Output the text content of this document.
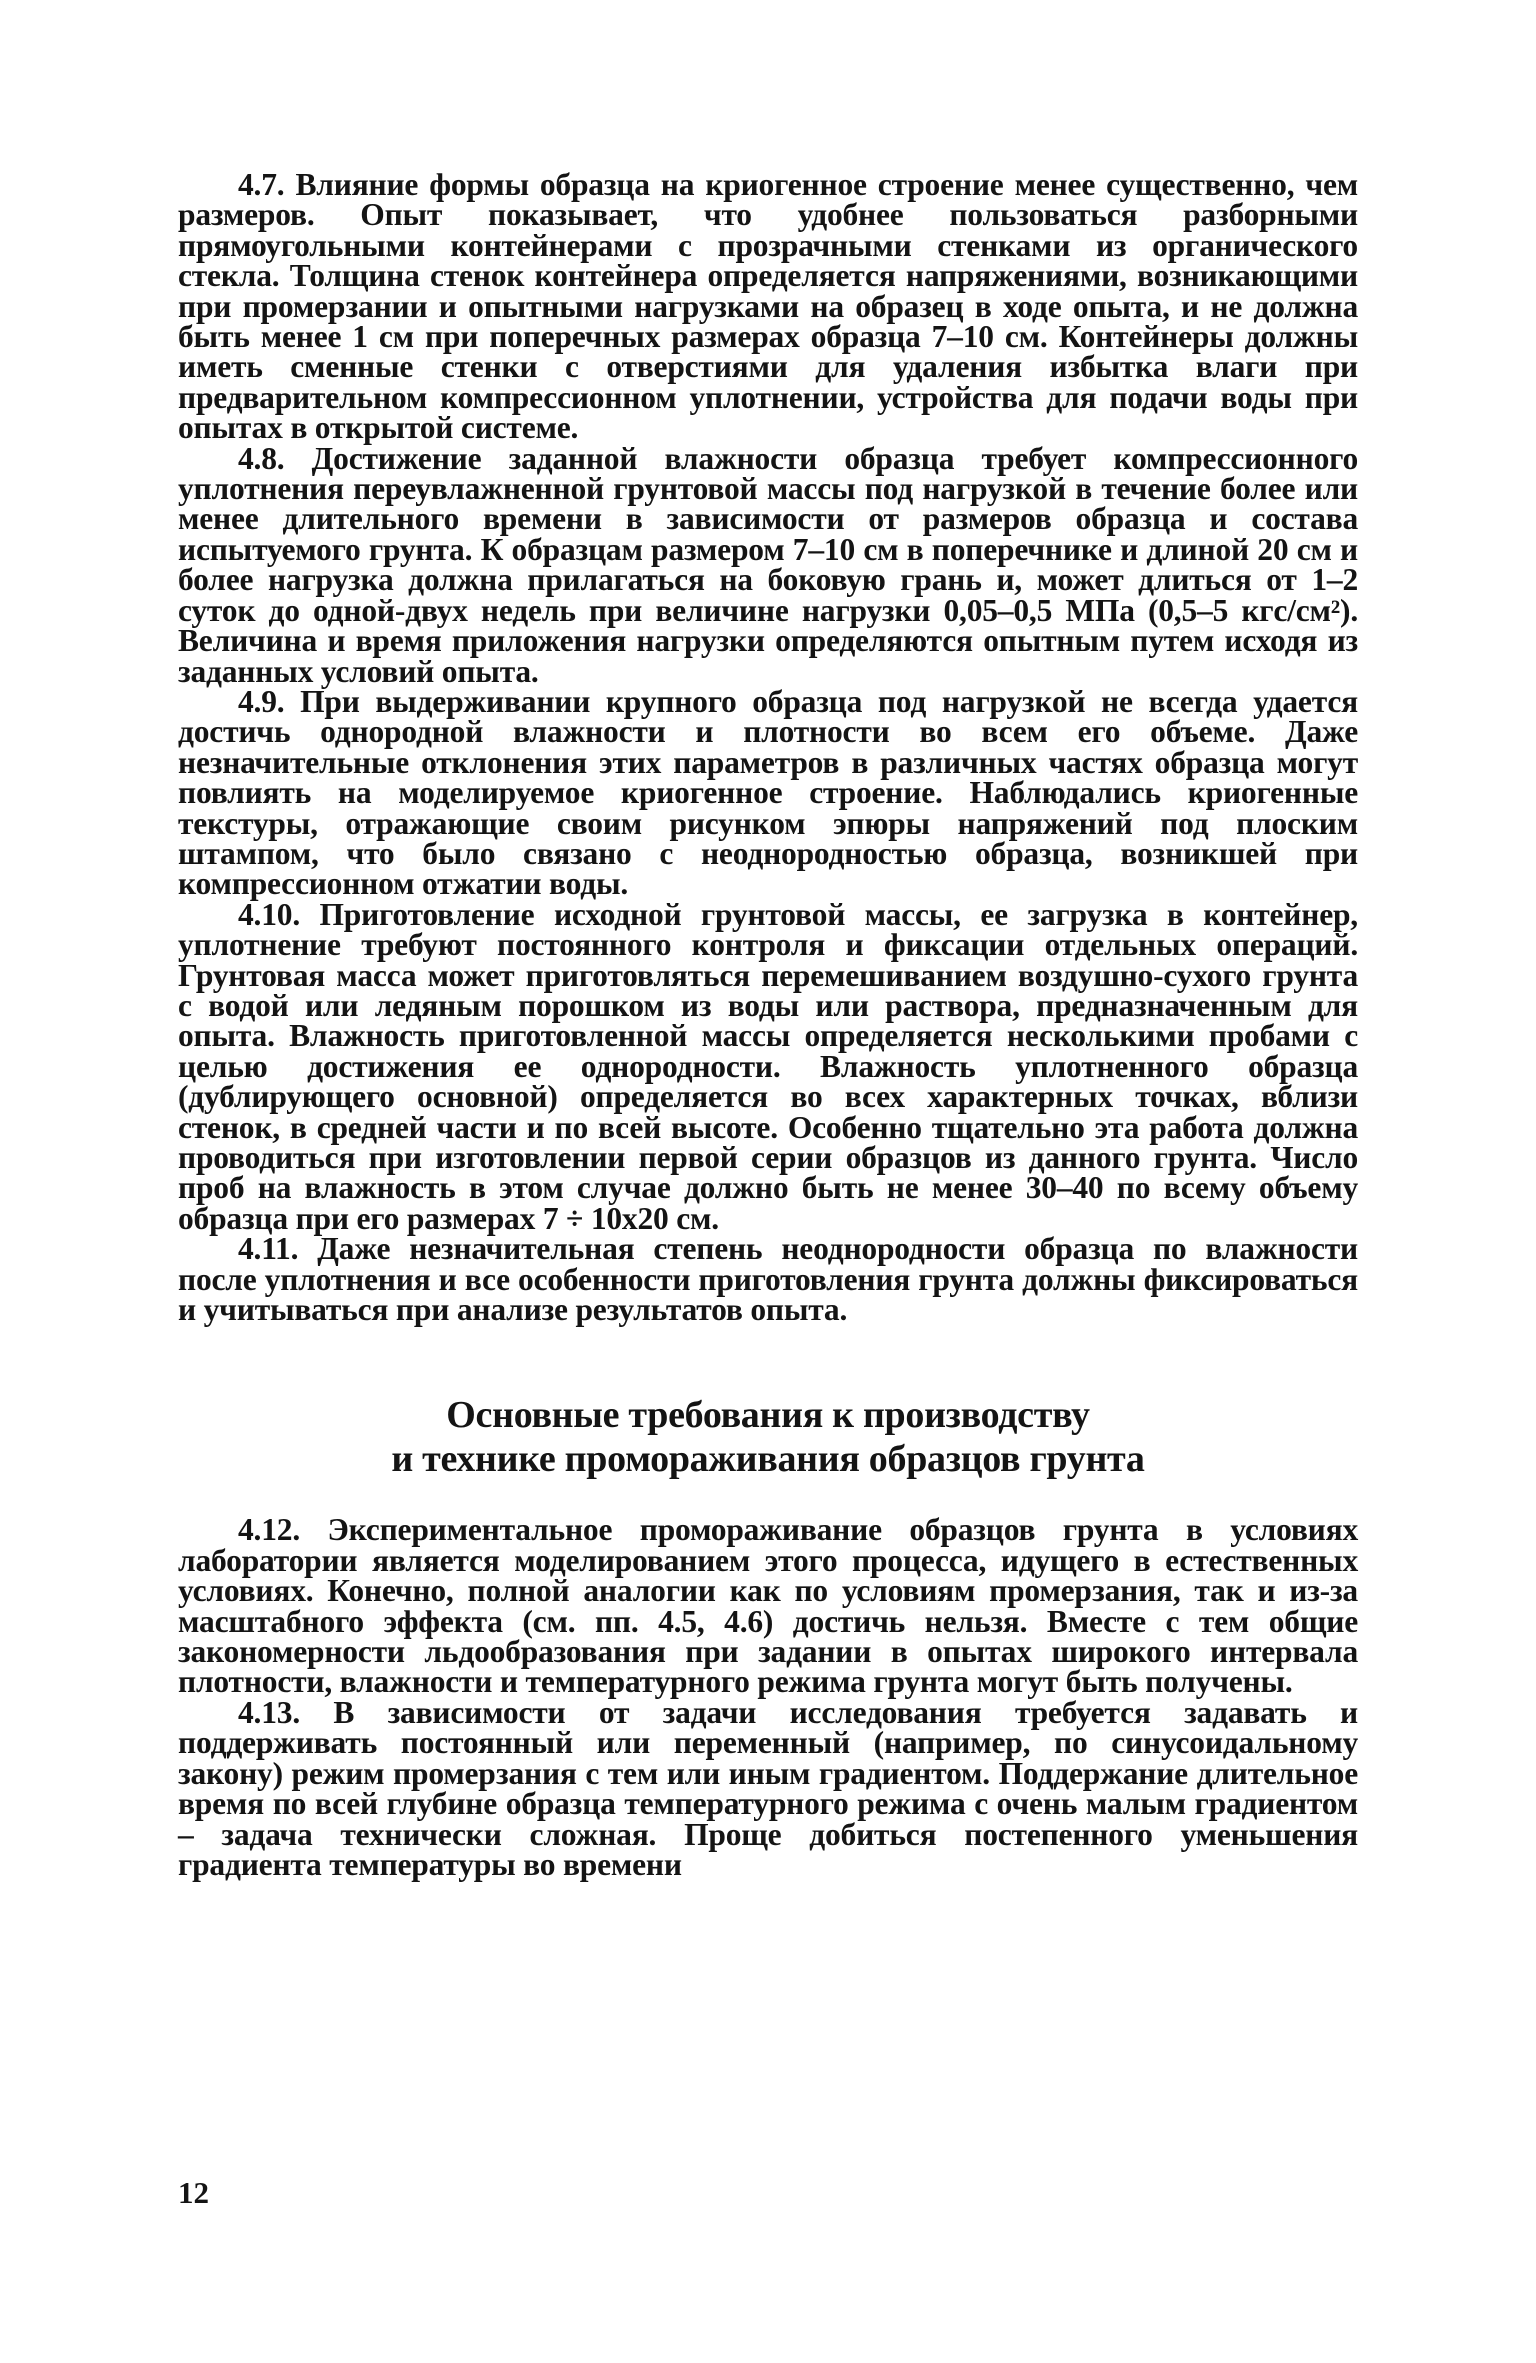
4.7. Влияние формы образца на криогенное строение менее существенно, чем размеров. Опыт показывает, что удобнее пользоваться разборными прямоугольными контейнерами с прозрачными стенками из органического стекла. Толщина стенок контейнера определяется напряжениями, возникающими при промерзании и опытными нагрузками на образец в ходе опыта, и не должна быть менее 1 см при поперечных размерах образца 7–10 см. Контейнеры должны иметь сменные стенки с отверстиями для удаления избытка влаги при предварительном компрессионном уплотнении, устройства для подачи воды при опытах в открытой системе.

4.8. Достижение заданной влажности образца требует компрессионного уплотнения переувлажненной грунтовой массы под нагрузкой в течение более или менее длительного времени в зависимости от размеров образца и состава испытуемого грунта. К образцам размером 7–10 см в поперечнике и длиной 20 см и более нагрузка должна прилагаться на боковую грань и, может длиться от 1–2 суток до одной-двух недель при величине нагрузки 0,05–0,5 МПа (0,5–5 кгс/см²). Величина и время приложения нагрузки определяются опытным путем исходя из заданных условий опыта.

4.9. При выдерживании крупного образца под нагрузкой не всегда удается достичь однородной влажности и плотности во всем его объеме. Даже незначительные отклонения этих параметров в различных частях образца могут повлиять на моделируемое криогенное строение. Наблюдались криогенные текстуры, отражающие своим рисунком эпюры напряжений под плоским штампом, что было связано с неоднородностью образца, возникшей при компрессионном отжатии воды.

4.10. Приготовление исходной грунтовой массы, ее загрузка в контейнер, уплотнение требуют постоянного контроля и фиксации отдельных операций. Грунтовая масса может приготовляться перемешиванием воздушно-сухого грунта с водой или ледяным порошком из воды или раствора, предназначенным для опыта. Влажность приготовленной массы определяется несколькими пробами с целью достижения ее однородности. Влажность уплотненного образца (дублирующего основной) определяется во всех характерных точках, вблизи стенок, в средней части и по всей высоте. Особенно тщательно эта работа должна проводиться при изготовлении первой серии образцов из данного грунта. Число проб на влажность в этом случае должно быть не менее 30–40 по всему объему образца при его размерах 7 ÷ 10x20 см.

4.11. Даже незначительная степень неоднородности образца по влажности после уплотнения и все особенности приготовления грунта должны фиксироваться и учитываться при анализе результатов опыта.

Основные требования к производству
и технике промораживания образцов грунта

4.12. Экспериментальное промораживание образцов грунта в условиях лаборатории является моделированием этого процесса, идущего в естественных условиях. Конечно, полной аналогии как по условиям промерзания, так и из-за масштабного эффекта (см. пп. 4.5, 4.6) достичь нельзя. Вместе с тем общие закономерности льдообразования при задании в опытах широкого интервала плотности, влажности и температурного режима грунта могут быть получены.

4.13. В зависимости от задачи исследования требуется задавать и поддерживать постоянный или переменный (например, по синусоидальному закону) режим промерзания с тем или иным градиентом. Поддержание длительное время по всей глубине образца температурного режима с очень малым градиентом – задача технически сложная. Проще добиться постепенного уменьшения градиента температуры во времени

12
